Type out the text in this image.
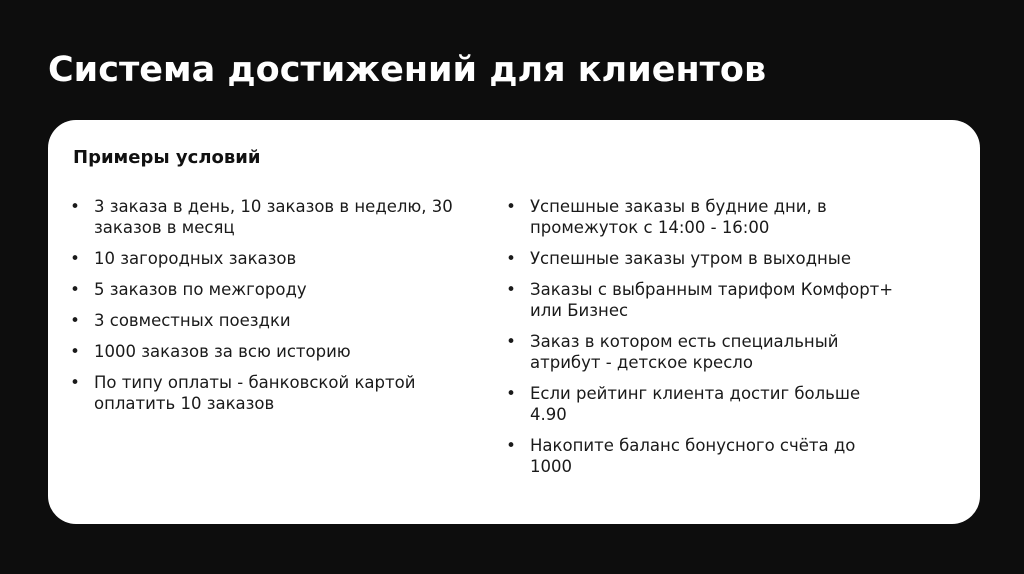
Система достижений для клиентов
Примеры условий
• 3 заказа в день, 10 заказов в неделю, 30 заказов в месяц
• 10 загородных заказов
• 5 заказов по межгороду
• 3 совместных поездки
• 1000 заказов за всю историю
• По типу оплаты - банковской картой оплатить 10 заказов
• Успешные заказы в будние дни, в промежуток с 14:00 - 16:00
• Успешные заказы утром в выходные
• Заказы с выбранным тарифом Комфорт+ или Бизнес
• Заказ в котором есть специальный атрибут - детское кресло
• Если рейтинг клиента достиг больше 4.90
• Накопите баланс бонусного счёта до 1000
